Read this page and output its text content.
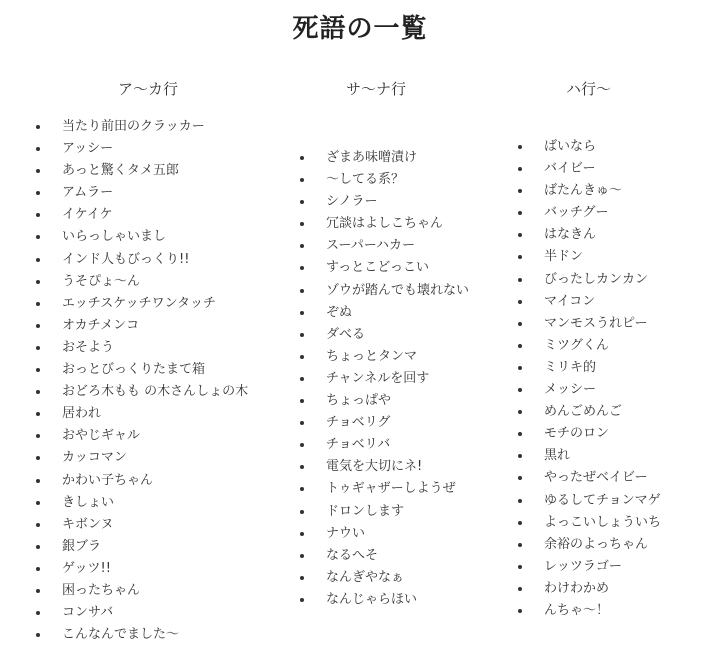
死語の一覧
ア〜カ行
当たり前田のクラッカー
アッシー
あっと驚くタメ五郎
アムラー
イケイケ
いらっしゃいまし
インド人もびっくり!!
うそぴょ〜ん
エッチスケッチワンタッチ
オカチメンコ
おそよう
おっとびっくりたまて箱
おどろ木もも の木さんしょの木
居われ
おやじギャル
カッコマン
かわい子ちゃん
きしょい
キボンヌ
銀ブラ
ゲッツ!!
困ったちゃん
コンサバ
こんなんでました〜
サ〜ナ行
ざまあ味噌漬け
〜してる系？
シノラー
冗談はよしこちゃん
スーパーハカー
すっとこどっこい
ゾウが踏んでも壊れない
ぞぬ
ダべる
ちょっとタンマ
チャンネルを回す
ちょっぱや
チョベリグ
チョベリバ
電気を大切にネ!
トゥギャザーしようぜ
ドロンします
ナウい
なるへそ
なんぎやなぁ
なんじゃらほい
ハ行〜
ばいなら
バイビー
ばたんきゅ〜
バッチグー
はなきん
半ドン
びったしカンカン
マイコン
マンモスうれピー
ミツグくん
ミリキ的
メッシー
めんごめんご
モチのロン
黒れ
やったぜベイビー
ゆるしてチョンマゲ
よっこいしょういち
余裕のよっちゃん
レッツラゴー
わけわかめ
んちゃ〜！
